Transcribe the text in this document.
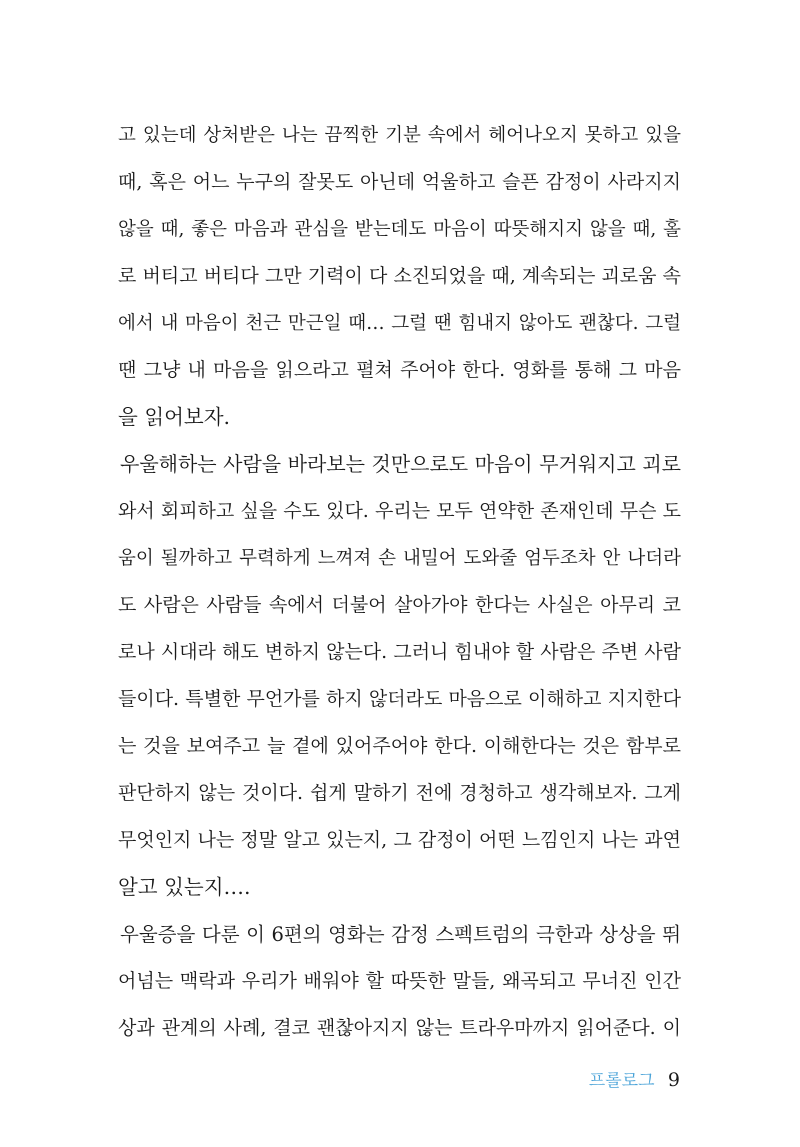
고 있는데 상처받은 나는 끔찍한 기분 속에서 헤어나오지 못하고 있을
때, 혹은 어느 누구의 잘못도 아닌데 억울하고 슬픈 감정이 사라지지
않을 때, 좋은 마음과 관심을 받는데도 마음이 따뜻해지지 않을 때, 홀
로 버티고 버티다 그만 기력이 다 소진되었을 때, 계속되는 괴로움 속
에서 내 마음이 천근 만근일 때… 그럴 땐 힘내지 않아도 괜찮다. 그럴
땐 그냥 내 마음을 읽으라고 펼쳐 주어야 한다. 영화를 통해 그 마음
을 읽어보자.
우울해하는 사람을 바라보는 것만으로도 마음이 무거워지고 괴로
와서 회피하고 싶을 수도 있다. 우리는 모두 연약한 존재인데 무슨 도
움이 될까하고 무력하게 느껴져 손 내밀어 도와줄 엄두조차 안 나더라
도 사람은 사람들 속에서 더불어 살아가야 한다는 사실은 아무리 코
로나 시대라 해도 변하지 않는다. 그러니 힘내야 할 사람은 주변 사람
들이다. 특별한 무언가를 하지 않더라도 마음으로 이해하고 지지한다
는 것을 보여주고 늘 곁에 있어주어야 한다. 이해한다는 것은 함부로
판단하지 않는 것이다. 쉽게 말하기 전에 경청하고 생각해보자. 그게
무엇인지 나는 정말 알고 있는지, 그 감정이 어떤 느낌인지 나는 과연
알고 있는지….
우울증을 다룬 이 6편의 영화는 감정 스펙트럼의 극한과 상상을 뛰
어넘는 맥락과 우리가 배워야 할 따뜻한 말들, 왜곡되고 무너진 인간
상과 관계의 사례, 결코 괜찮아지지 않는 트라우마까지 읽어준다. 이
프롤로그 9
